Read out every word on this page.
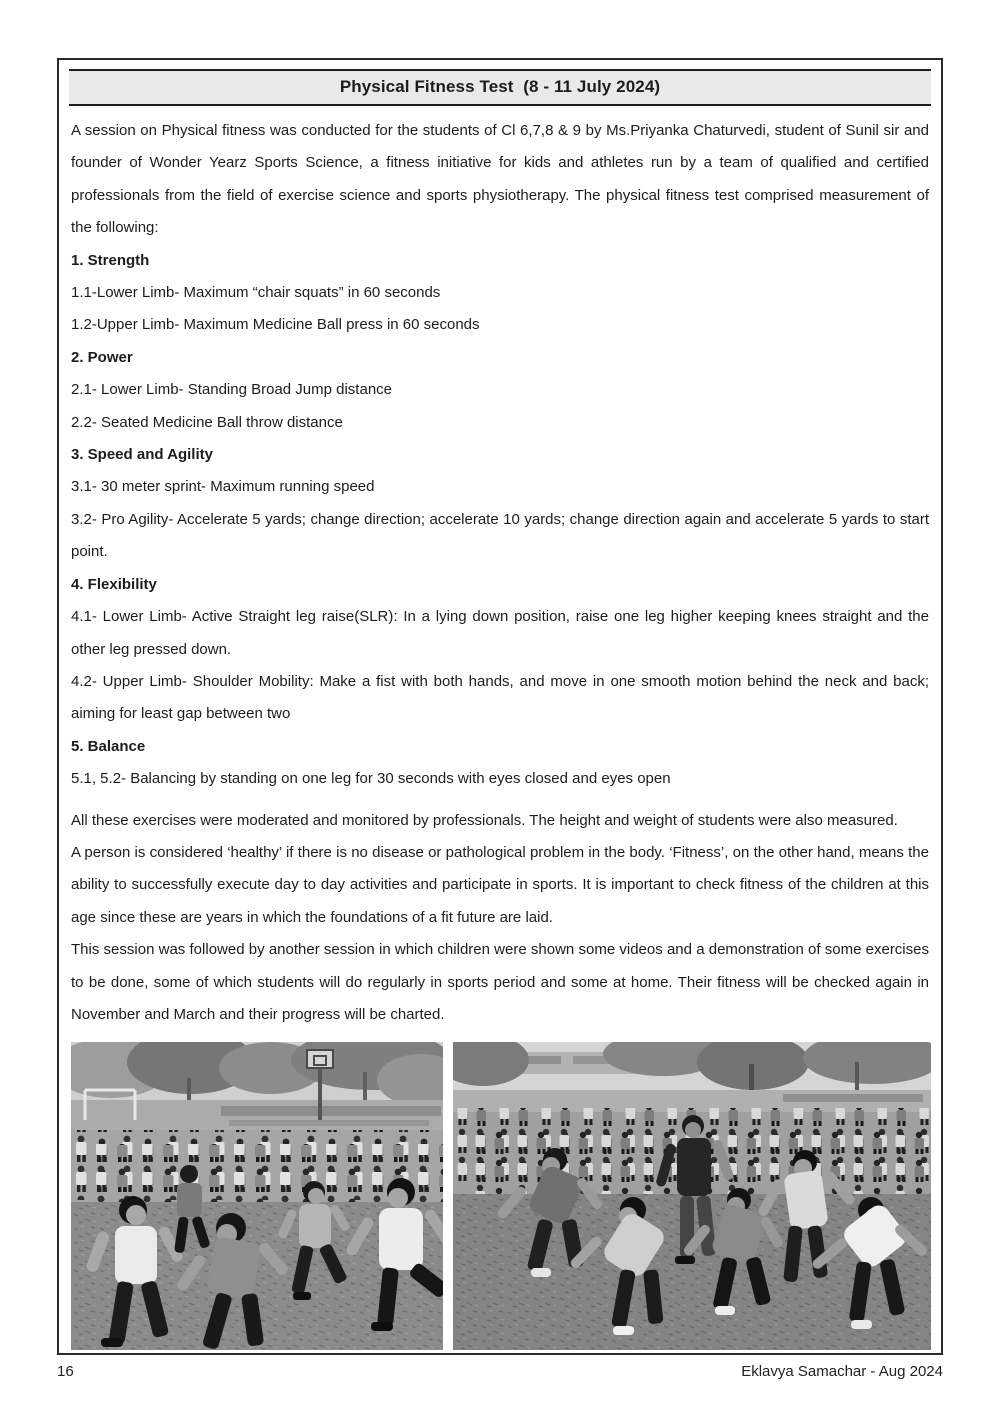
Physical Fitness Test  (8 - 11 July 2024)

A session on Physical fitness was conducted for the students of Cl 6,7,8 & 9 by Ms.Priyanka Chaturvedi, student of Sunil sir and founder of Wonder Yearz Sports Science, a fitness initiative for kids and athletes run by a team of qualified and certified professionals from the field of exercise science and sports physiotherapy. The physical fitness test comprised measurement of the following:

1. Strength

1.1-Lower Limb- Maximum “chair squats” in 60 seconds

1.2-Upper Limb- Maximum Medicine Ball press in 60 seconds

2. Power

2.1- Lower Limb- Standing Broad Jump distance

2.2- Seated Medicine Ball throw distance

3. Speed and Agility

3.1- 30 meter sprint- Maximum running speed

3.2- Pro Agility- Accelerate 5 yards; change direction; accelerate 10 yards; change direction again and accelerate 5 yards to start point.

4. Flexibility

4.1- Lower Limb- Active Straight leg raise(SLR): In a lying down position, raise one leg higher keeping knees straight and the other leg pressed down.

4.2- Upper Limb- Shoulder Mobility: Make a fist with both hands, and move in one smooth motion behind the neck and back; aiming for least gap between two

5. Balance

5.1, 5.2- Balancing by standing on one leg for 30 seconds with eyes closed and eyes open

All these exercises were moderated and monitored by professionals. The height and weight of students were also measured.

A person is considered ‘healthy’ if there is no disease or pathological problem in the body. ‘Fitness’, on the other hand, means the ability to successfully execute day to day activities and participate in sports. It is important to check fitness of the children at this age since these are years in which the foundations of a fit future are laid.

This session was followed by another session in which children were shown some videos and a demonstration of some exercises to be done, some of which students will do regularly in sports period and some at home. Their fitness will be checked again in November and March and their progress will be charted.

16	Eklavya Samachar - Aug 2024
